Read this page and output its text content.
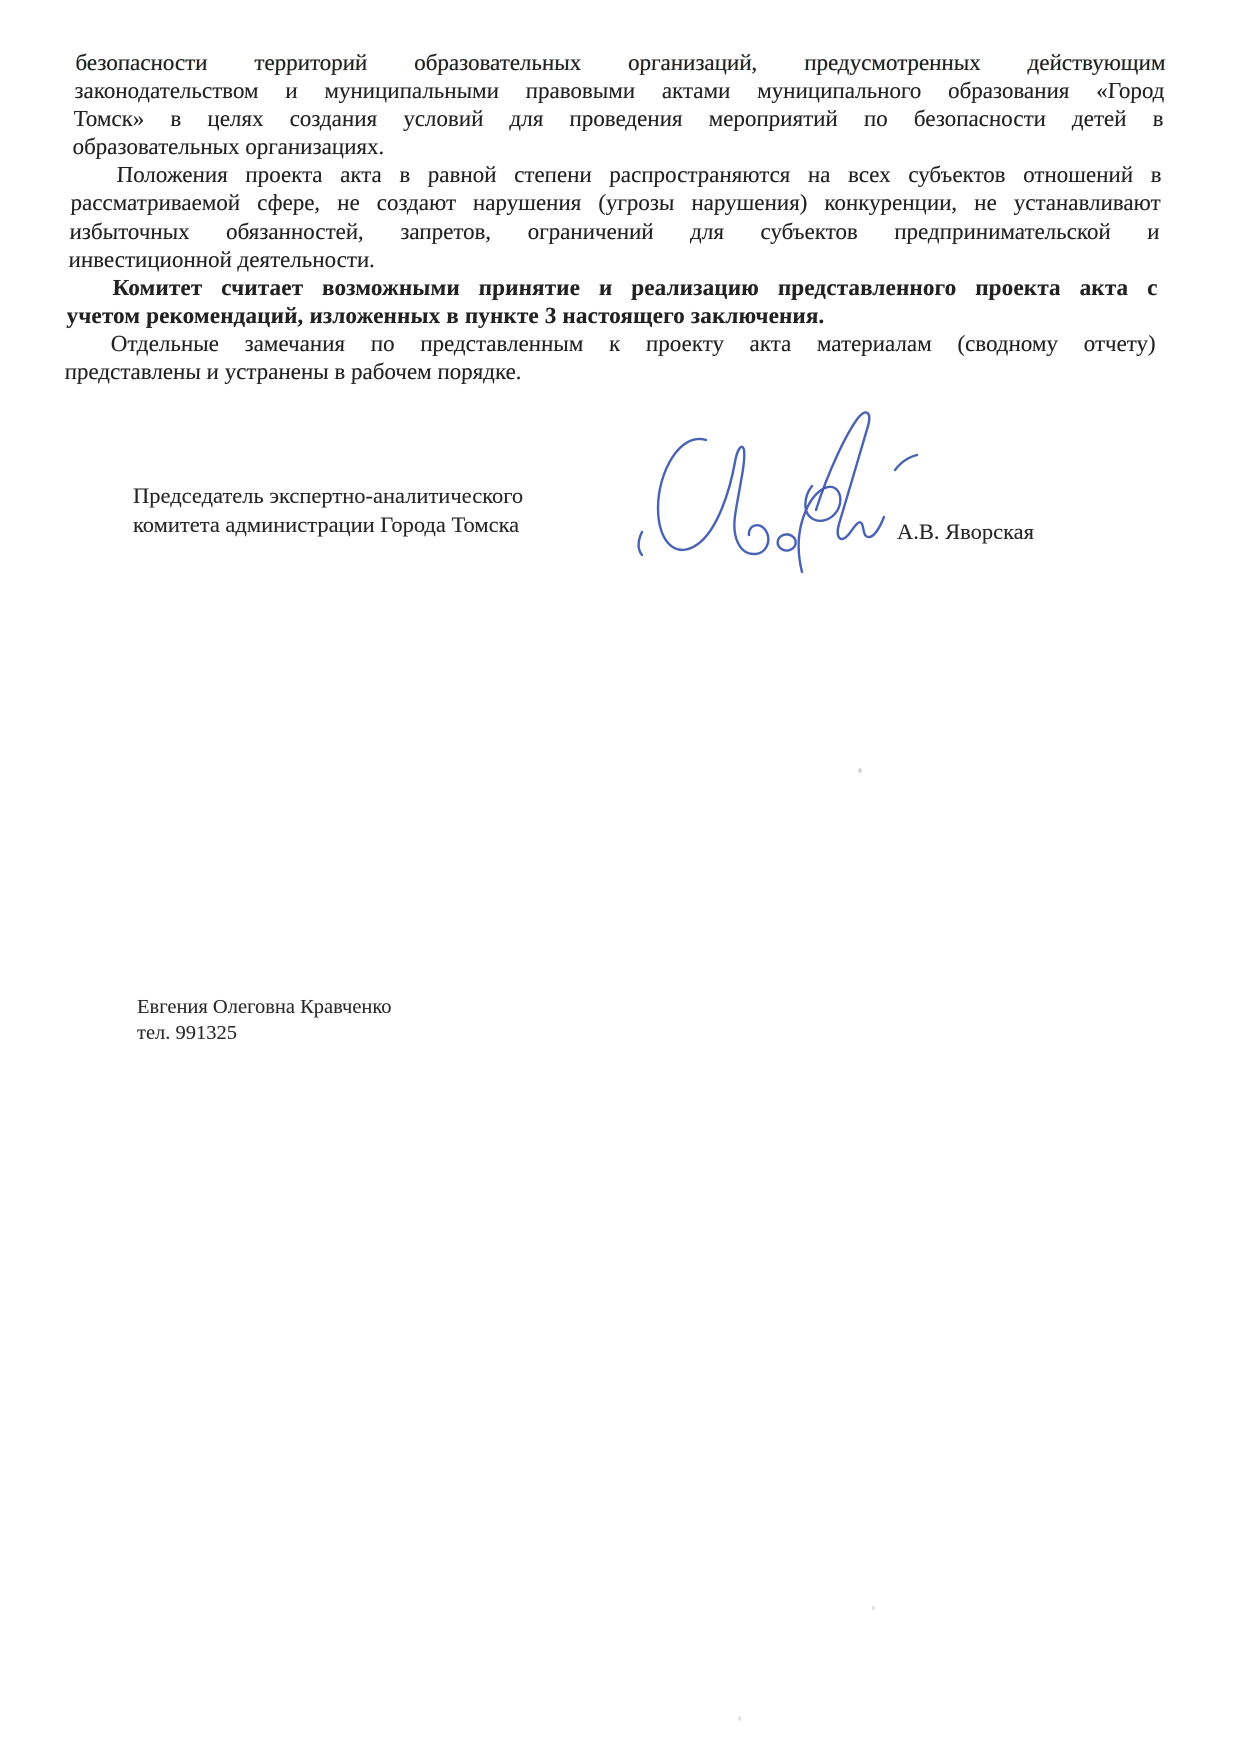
безопасности территорий образовательных организаций, предусмотренных действующим
законодательством и муниципальными правовыми актами муниципального образования «Город
Томск» в целях создания условий для проведения мероприятий по безопасности детей в
образовательных организациях.
Положения проекта акта в равной степени распространяются на всех субъектов отношений в
рассматриваемой сфере, не создают нарушения (угрозы нарушения) конкуренции, не устанавливают
избыточных обязанностей, запретов, ограничений для субъектов предпринимательской и
инвестиционной деятельности.
Комитет считает возможными принятие и реализацию представленного проекта акта с
учетом рекомендаций, изложенных в пункте 3 настоящего заключения.
Отдельные замечания по представленным к проекту акта материалам (сводному отчету)
представлены и устранены в рабочем порядке.
Председатель экспертно-аналитического
комитета администрации Города Томска	А.В. Яворская
Евгения Олеговна Кравченко
тел. 991325
